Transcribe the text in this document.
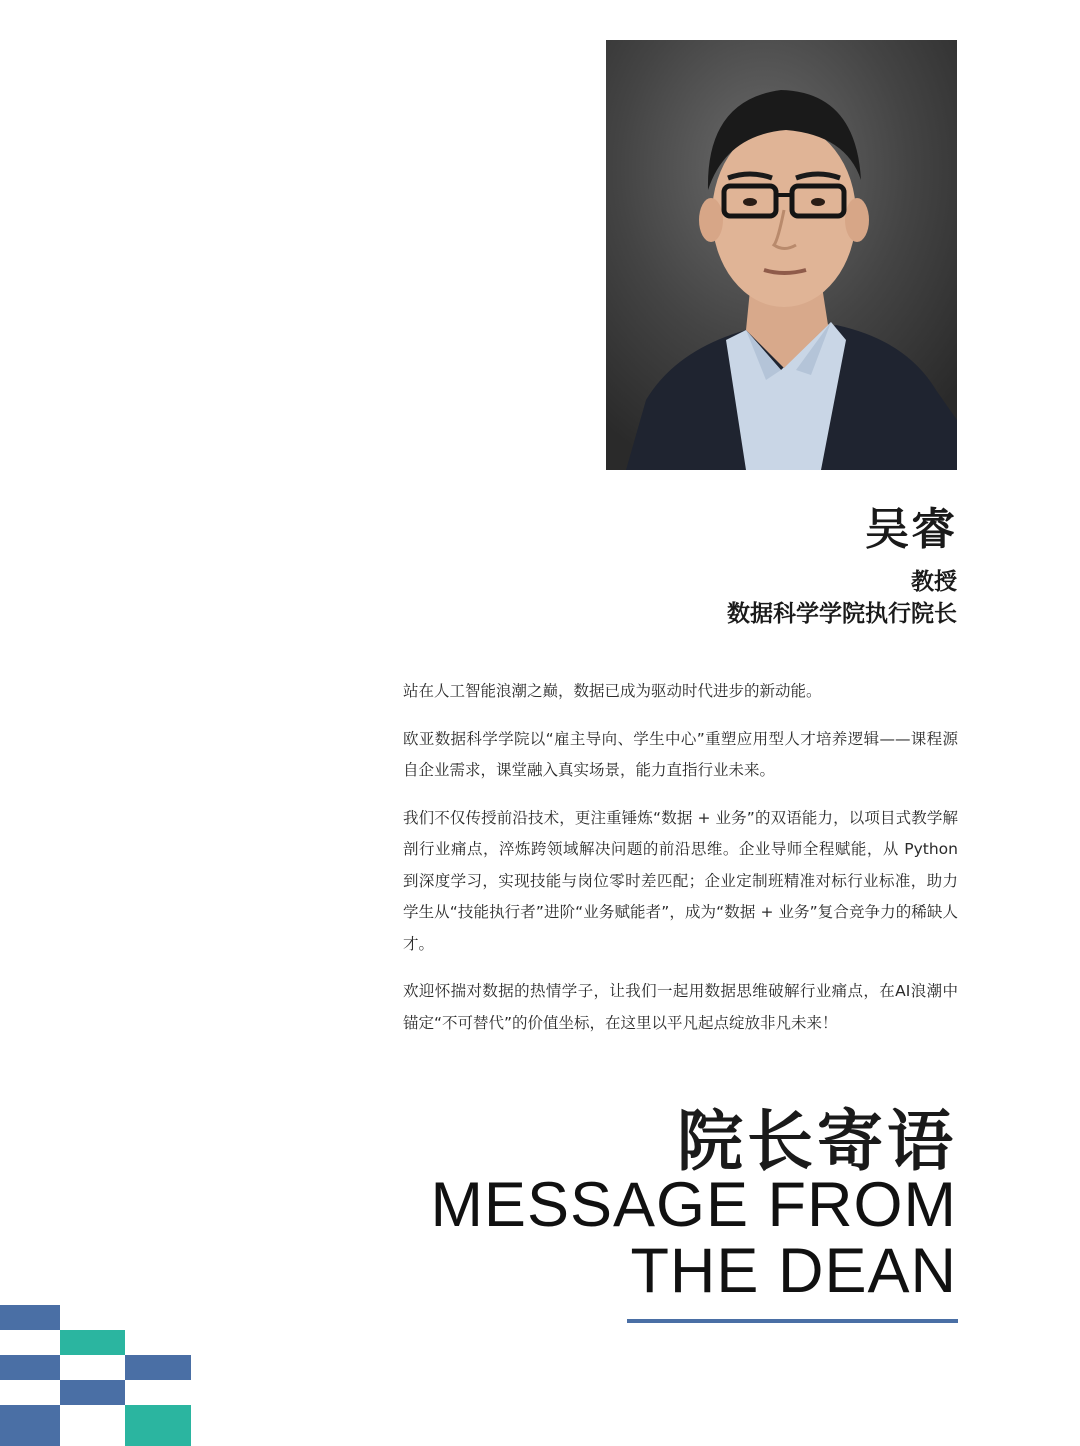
吴睿
教授
数据科学学院执行院长

站在人工智能浪潮之巅，数据已成为驱动时代进步的新动能。

欧亚数据科学学院以“雇主导向、学生中心”重塑应用型人才培养逻辑——课程源自企业需求，课堂融入真实场景，能力直指行业未来。

我们不仅传授前沿技术，更注重锤炼“数据 + 业务”的双语能力，以项目式教学解剖行业痛点，淬炼跨领域解决问题的前沿思维。企业导师全程赋能，从 Python 到深度学习，实现技能与岗位零时差匹配；企业定制班精准对标行业标准，助力学生从“技能执行者”进阶“业务赋能者”，成为“数据 + 业务”复合竞争力的稀缺人才。

欢迎怀揣对数据的热情学子，让我们一起用数据思维破解行业痛点，在AI浪潮中锚定“不可替代”的价值坐标，在这里以平凡起点绽放非凡未来！

院长寄语
MESSAGE FROM
THE DEAN
